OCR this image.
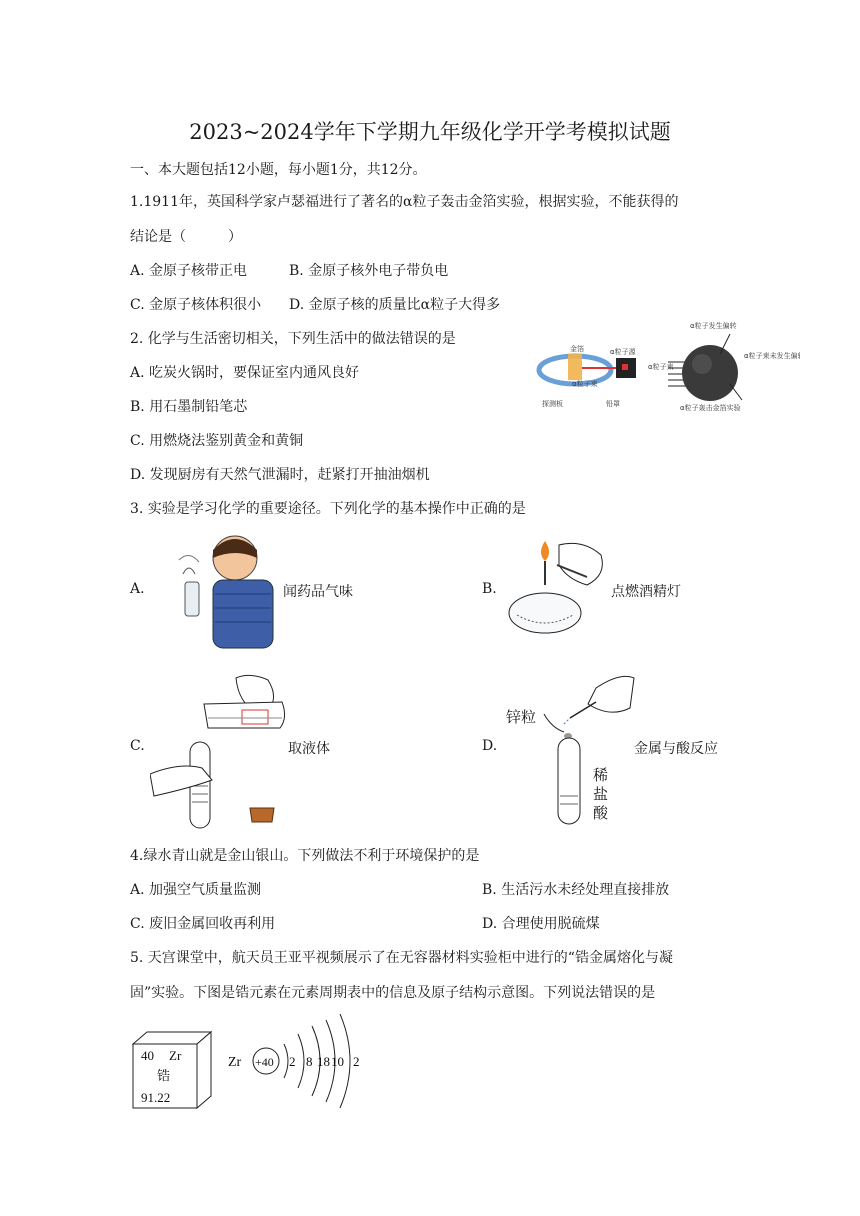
2023~2024学年下学期九年级化学开学考模拟试题
一、本大题包括12小题，每小题1分，共12分。
1.1911年，英国科学家卢瑟福进行了著名的α粒子轰击金箔实验，根据实验，不能获得的
结论是（　　　）
A. 金原子核带正电	B. 金原子核外电子带负电
C. 金原子核体积很小 D. 金原子核的质量比α粒子大得多
2. 化学与生活密切相关，下列生活中的做法错误的是
A. 吃炭火锅时，要保证室内通风良好
B. 用石墨制铅笔芯
C. 用燃烧法鉴别黄金和黄铜
D. 发现厨房有天然气泄漏时，赶紧打开抽油烟机
金箔	α粒子源
α粒子束
探测板	铅罩
α粒子发生偏转
α粒子束
α粒子束未发生偏转
α粒子轰击金箔实验
3. 实验是学习化学的重要途径。下列化学的基本操作中正确的是
A.	闻药品气味	B.	点燃酒精灯
C.	取液体	D.
锌粒
稀
盐
酸
金属与酸反应
4.绿水青山就是金山银山。下列做法不利于环境保护的是
A. 加强空气质量监测	B. 生活污水未经处理直接排放
C. 废旧金属回收再利用	D. 合理使用脱硫煤
5. 天宫课堂中，航天员王亚平视频展示了在无容器材料实验柜中进行的“锆金属熔化与凝
固”实验。下图是锆元素在元素周期表中的信息及原子结构示意图。下列说法错误的是
40 Zr
锆
91.22
Zr +40 2 8 18 10 2
